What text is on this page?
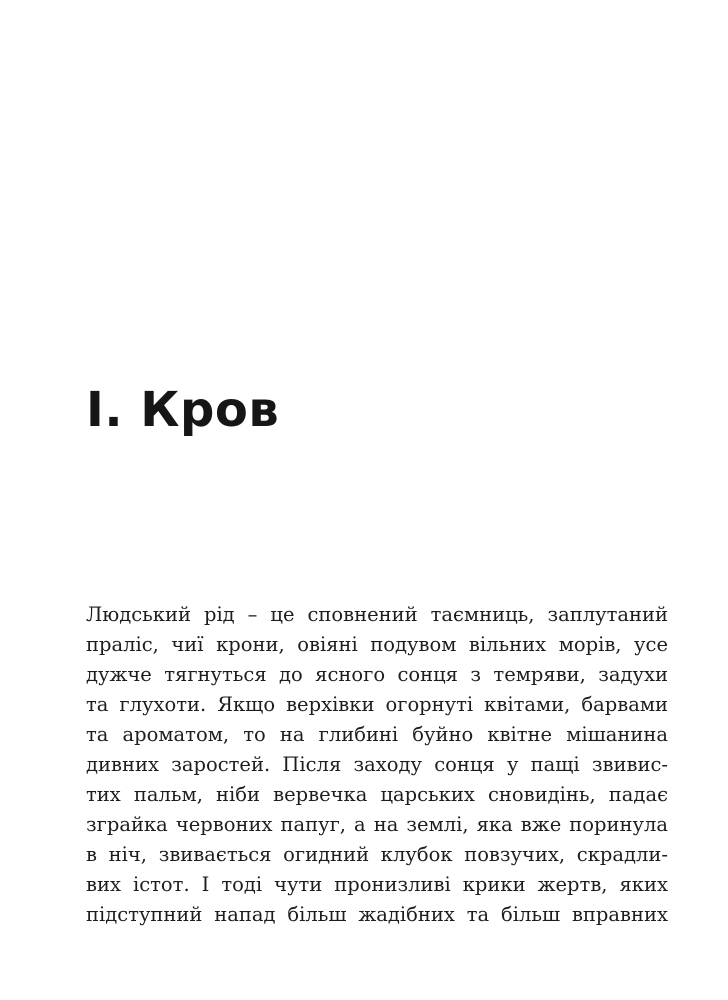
І. Кров
Людський рід – це сповнений таємниць, заплутаний
праліс, чиї крони, овіяні подувом вільних морів, усе
дужче тягнуться до ясного сонця з темряви, задухи
та глухоти. Якщо верхівки огорнуті квітами, барвами
та ароматом, то на глибині буйно квітне мішанина
дивних заростей. Після заходу сонця у пащі звивис-
тих пальм, ніби вервечка царських сновидінь, падає
зграйка червоних папуг, а на землі, яка вже поринула
в ніч, звивається огидний клубок повзучих, скрадли-
вих істот. І тоді чути пронизливі крики жертв, яких
підступний напад більш жадібних та більш вправних
